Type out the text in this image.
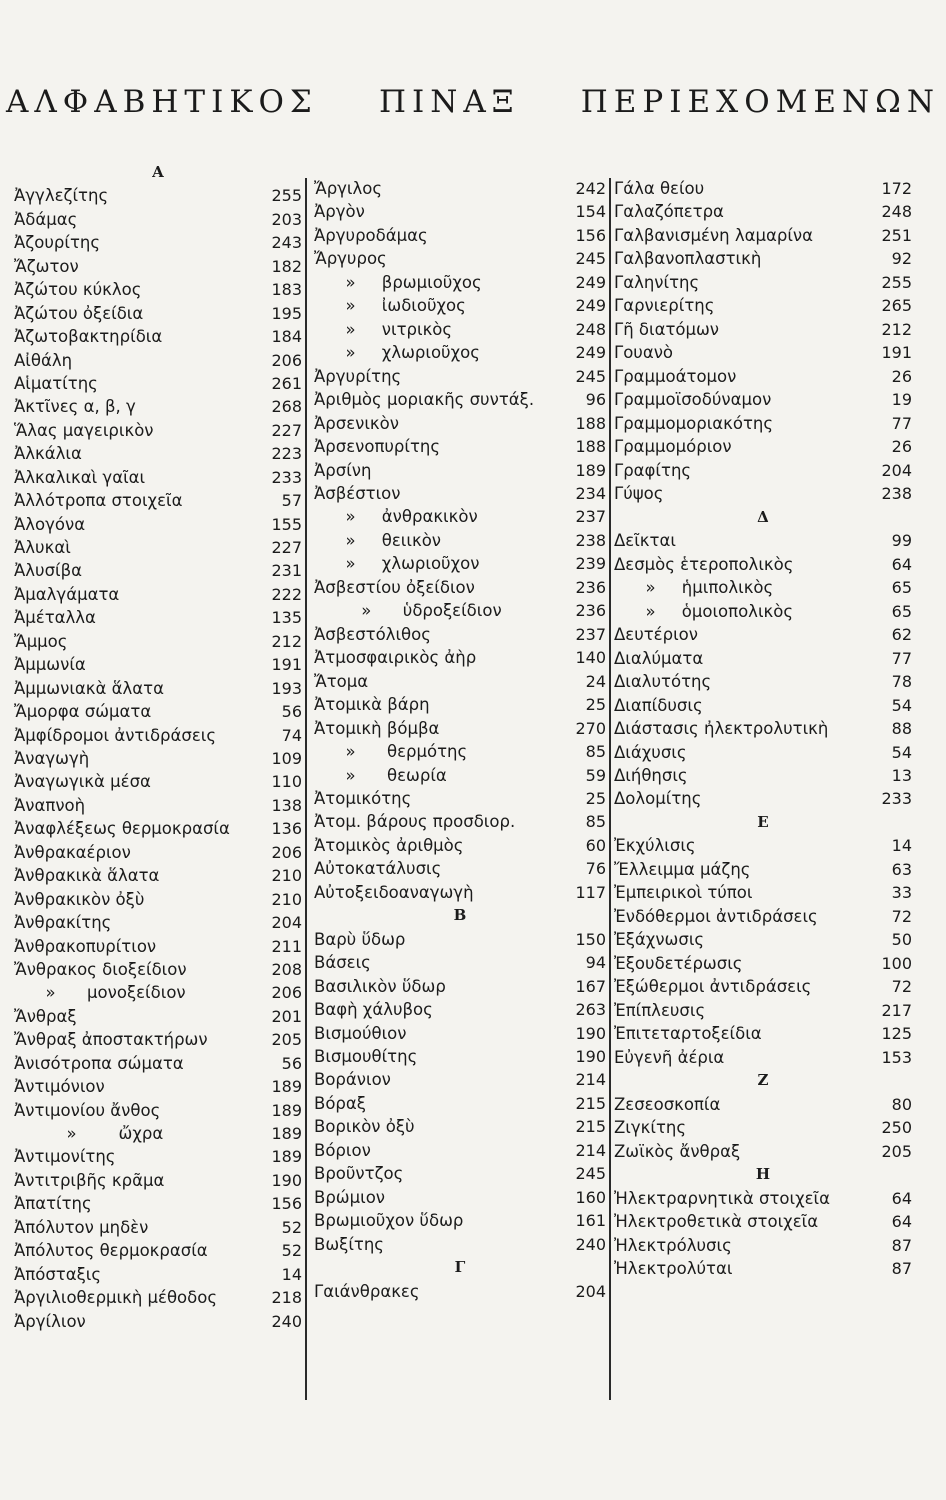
ΑΛΦΑΒΗΤΙΚΟΣ ΠΙΝΑΞ ΠΕΡΙΕΧΟΜΕΝΩΝ
Α
Ἀγγλεζίτης	255
Ἀδάμας	203
Ἀζουρίτης	243
Ἄζωτον	182
Ἀζώτου κύκλος	183
Ἀζώτου ὀξείδια	195
Ἀζωτοβακτηρίδια	184
Αἰθάλη	206
Αἱματίτης	261
Ἀκτῖνες α, β, γ	268
Ἅλας μαγειρικὸν	227
Ἀλκάλια	223
Ἀλκαλικαὶ γαῖαι	233
Ἀλλότροπα στοιχεῖα	57
Ἀλογόνα	155
Ἀλυκαὶ	227
Ἀλυσίβα	231
Ἀμαλγάματα	222
Ἀμέταλλα	135
Ἄμμος	212
Ἀμμωνία	191
Ἀμμωνιακὰ ἅλατα	193
Ἄμορφα σώματα	56
Ἀμφίδρομοι ἀντιδράσεις	74
Ἀναγωγὴ	109
Ἀναγωγικὰ μέσα	110
Ἀναπνοὴ	138
Ἀναφλέξεως θερμοκρασία	136
Ἀνθρακαέριον	206
Ἀνθρακικὰ ἅλατα	210
Ἀνθρακικὸν ὀξὺ	210
Ἀνθρακίτης	204
Ἀνθρακοπυρίτιον	211
Ἄνθρακος διοξείδιον	208
»      μονοξείδιον	206
Ἄνθραξ	201
Ἄνθραξ ἀποστακτήρων	205
Ἀνισότροπα σώματα	56
Ἀντιμόνιον	189
Ἀντιμονίου ἄνθος	189
»        ὤχρα	189
Ἀντιμονίτης	189
Ἀντιτριβῆς κρᾶμα	190
Ἀπατίτης	156
Ἀπόλυτον μηδὲν	52
Ἀπόλυτος θερμοκρασία	52
Ἀπόσταξις	14
Ἀργιλιοθερμικὴ μέθοδος	218
Ἀργίλιον	240
Ἄργιλος	242
Ἀργὸν	154
Ἀργυροδάμας	156
Ἄργυρος	245
»     βρωμιοῦχος	249
»     ἰωδιοῦχος	249
»     νιτρικὸς	248
»     χλωριοῦχος	249
Ἀργυρίτης	245
Ἀριθμὸς μοριακῆς συντάξ.	96
Ἀρσενικὸν	188
Ἀρσενοπυρίτης	188
Ἀρσίνη	189
Ἀσβέστιον	234
»     ἀνθρακικὸν	237
»     θειικὸν	238
»     χλωριοῦχον	239
Ἀσβεστίου ὀξείδιον	236
»      ὑδροξείδιον	236
Ἀσβεστόλιθος	237
Ἀτμοσφαιρικὸς ἀὴρ	140
Ἄτομα	24
Ἀτομικὰ βάρη	25
Ἀτομικὴ βόμβα	270
»      θερμότης	85
»      θεωρία	59
Ἀτομικότης	25
Ἀτομ. βάρους προσδιορ.	85
Ἀτομικὸς ἀριθμὸς	60
Αὐτοκατάλυσις	76
Αὐτοξειδοαναγωγὴ	117
Β
Βαρὺ ὕδωρ	150
Βάσεις	94
Βασιλικὸν ὕδωρ	167
Βαφὴ χάλυβος	263
Βισμούθιον	190
Βισμουθίτης	190
Βοράνιον	214
Βόραξ	215
Βορικὸν ὀξὺ	215
Βόριον	214
Βροῦντζος	245
Βρώμιον	160
Βρωμιοῦχον ὕδωρ	161
Βωξίτης	240
Γ
Γαιάνθρακες	204
Γάλα θείου	172
Γαλαζόπετρα	248
Γαλβανισμένη λαμαρίνα	251
Γαλβανοπλαστικὴ	92
Γαληνίτης	255
Γαρνιερίτης	265
Γῆ διατόμων	212
Γουανὸ	191
Γραμμοάτομον	26
Γραμμοϊσοδύναμον	19
Γραμμομοριακότης	77
Γραμμομόριον	26
Γραφίτης	204
Γύψος	238
Δ
Δεῖκται	99
Δεσμὸς ἑτεροπολικὸς	64
»     ἡμιπολικὸς	65
»     ὁμοιοπολικὸς	65
Δευτέριον	62
Διαλύματα	77
Διαλυτότης	78
Διαπίδυσις	54
Διάστασις ἠλεκτρολυτικὴ	88
Διάχυσις	54
Διήθησις	13
Δολομίτης	233
Ε
Ἐκχύλισις	14
Ἔλλειμμα μάζης	63
Ἐμπειρικοὶ τύποι	33
Ἐνδόθερμοι ἀντιδράσεις	72
Ἐξάχνωσις	50
Ἐξουδετέρωσις	100
Ἐξώθερμοι ἀντιδράσεις	72
Ἐπίπλευσις	217
Ἐπιτεταρτοξείδια	125
Εὐγενῆ ἀέρια	153
Ζ
Ζεσεοσκοπία	80
Ζιγκίτης	250
Ζωϊκὸς ἄνθραξ	205
Η
Ἠλεκτραρνητικὰ στοιχεῖα	64
Ἠλεκτροθετικὰ στοιχεῖα	64
Ἠλεκτρόλυσις	87
Ἠλεκτρολύται	87
